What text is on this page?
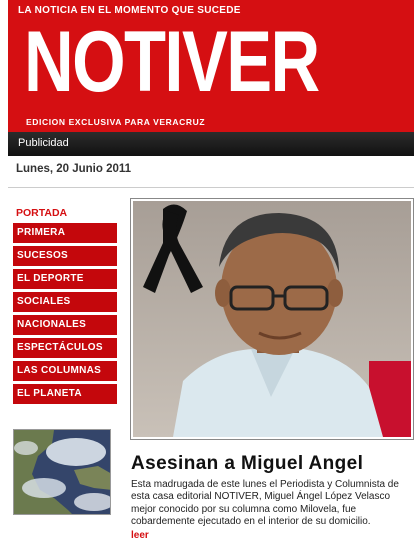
LA NOTICIA EN EL MOMENTO QUE SUCEDE
NOTIVER
EDICION EXCLUSIVA PARA VERACRUZ
Publicidad
Lunes, 20 Junio 2011
PORTADA
PRIMERA
SUCESOS
EL DEPORTE
SOCIALES
NACIONALES
ESPECTÁCULOS
LAS COLUMNAS
EL PLANETA
Asesinan a Miguel Angel
Esta madrugada de este lunes el Periodista y Columnista de esta casa editorial NOTIVER, Miguel Ángel López Velasco mejor conocido por su columna como Milovela, fue cobardemente ejecutado en el interior de su domicilio.
leer
